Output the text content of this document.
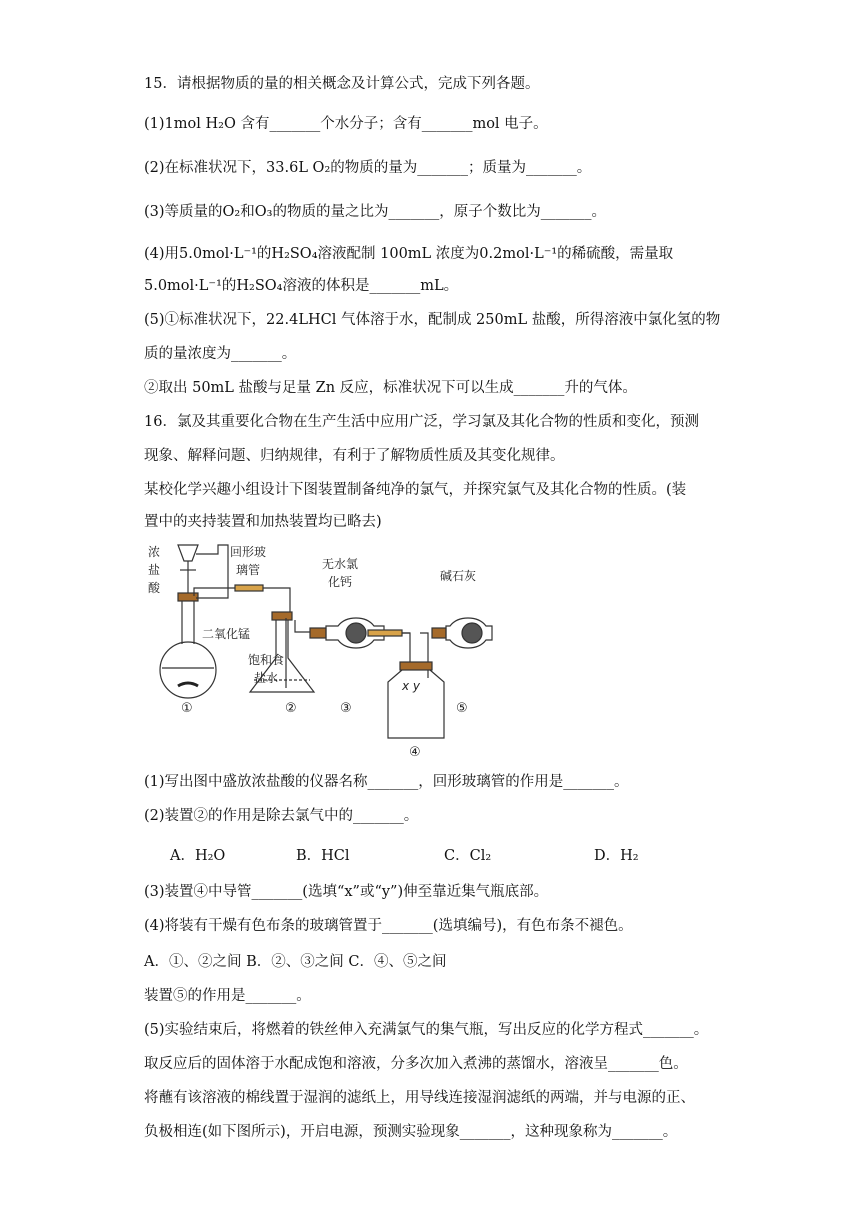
15．请根据物质的量的相关概念及计算公式，完成下列各题。
(1)1mol H₂O 含有_______个水分子；含有_______mol 电子。
(2)在标准状况下，33.6L O₂的物质的量为_______；质量为_______。
(3)等质量的O₂和O₃的物质的量之比为_______，原子个数比为_______。
(4)用5.0mol·L⁻¹的H₂SO₄溶液配制 100mL 浓度为0.2mol·L⁻¹的稀硫酸，需量取
5.0mol·L⁻¹的H₂SO₄溶液的体积是_______mL。
(5)①标准状况下，22.4LHCl 气体溶于水，配制成 250mL 盐酸，所得溶液中氯化氢的物
质的量浓度为_______。
②取出 50mL 盐酸与足量 Zn 反应，标准状况下可以生成_______升的气体。
16．氯及其重要化合物在生产生活中应用广泛，学习氯及其化合物的性质和变化，预测
现象、解释问题、归纳规律，有利于了解物质性质及其变化规律。
某校化学兴趣小组设计下图装置制备纯净的氯气，并探究氯气及其化合物的性质。(装
置中的夹持装置和加热装置均已略去)
浓
盐
酸
回形玻
璃管	无水氯
化钙	碱石灰
二氧化锰
饱和食
盐水
x y
①	②	③
④
⑤
(1)写出图中盛放浓盐酸的仪器名称_______，回形玻璃管的作用是_______。
(2)装置②的作用是除去氯气中的_______。
A．H₂O	B．HCl	C．Cl₂	D．H₂
(3)装置④中导管_______(选填“x”或“y”)伸至靠近集气瓶底部。
(4)将装有干燥有色布条的玻璃管置于_______(选填编号)，有色布条不褪色。
A．①、②之间 B．②、③之间 C．④、⑤之间
装置⑤的作用是_______。
(5)实验结束后，将燃着的铁丝伸入充满氯气的集气瓶，写出反应的化学方程式_______。
取反应后的固体溶于水配成饱和溶液，分多次加入煮沸的蒸馏水，溶液呈_______色。
将蘸有该溶液的棉线置于湿润的滤纸上，用导线连接湿润滤纸的两端，并与电源的正、
负极相连(如下图所示)，开启电源，预测实验现象_______，这种现象称为_______。
